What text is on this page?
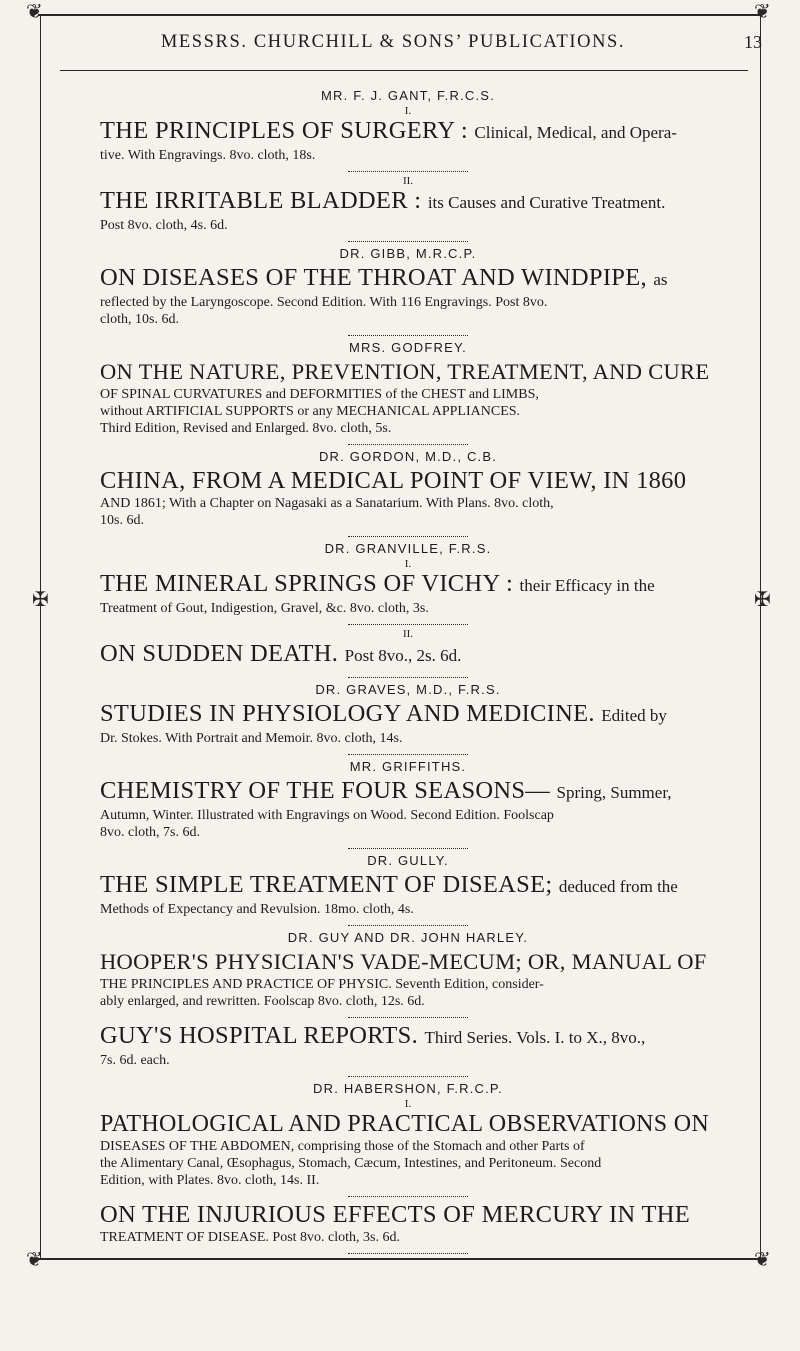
❦	❦
❦	❦
✠	✠
MESSRS. CHURCHILL & SONS’ PUBLICATIONS.	13
MR. F. J. GANT, F.R.C.S.
I.
THE PRINCIPLES OF SURGERY : Clinical, Medical, and Opera-
tive. With Engravings. 8vo. cloth, 18s.
II.
THE IRRITABLE BLADDER : its Causes and Curative Treatment.
Post 8vo. cloth, 4s. 6d.
DR. GIBB, M.R.C.P.
ON DISEASES OF THE THROAT AND WINDPIPE, as
reflected by the Laryngoscope. Second Edition. With 116 Engravings. Post 8vo.
cloth, 10s. 6d.
MRS. GODFREY.
ON THE NATURE, PREVENTION, TREATMENT, AND CURE
OF SPINAL CURVATURES and DEFORMITIES of the CHEST and LIMBS,
without ARTIFICIAL SUPPORTS or any MECHANICAL APPLIANCES.
Third Edition, Revised and Enlarged. 8vo. cloth, 5s.
DR. GORDON, M.D., C.B.
CHINA, FROM A MEDICAL POINT OF VIEW, IN 1860
AND 1861; With a Chapter on Nagasaki as a Sanatarium. With Plans. 8vo. cloth,
10s. 6d.
DR. GRANVILLE, F.R.S.
I.
THE MINERAL SPRINGS OF VICHY : their Efficacy in the
Treatment of Gout, Indigestion, Gravel, &c. 8vo. cloth, 3s.
II.
ON SUDDEN DEATH. Post 8vo., 2s. 6d.
DR. GRAVES, M.D., F.R.S.
STUDIES IN PHYSIOLOGY AND MEDICINE. Edited by
Dr. Stokes. With Portrait and Memoir. 8vo. cloth, 14s.
MR. GRIFFITHS.
CHEMISTRY OF THE FOUR SEASONS— Spring, Summer,
Autumn, Winter. Illustrated with Engravings on Wood. Second Edition. Foolscap
8vo. cloth, 7s. 6d.
DR. GULLY.
THE SIMPLE TREATMENT OF DISEASE; deduced from the
Methods of Expectancy and Revulsion. 18mo. cloth, 4s.
DR. GUY AND DR. JOHN HARLEY.
HOOPER'S PHYSICIAN'S VADE-MECUM; OR, MANUAL OF
THE PRINCIPLES AND PRACTICE OF PHYSIC. Seventh Edition, consider-
ably enlarged, and rewritten. Foolscap 8vo. cloth, 12s. 6d.
GUY'S HOSPITAL REPORTS. Third Series. Vols. I. to X., 8vo.,
7s. 6d. each.
DR. HABERSHON, F.R.C.P.
I.
PATHOLOGICAL AND PRACTICAL OBSERVATIONS ON
DISEASES OF THE ABDOMEN, comprising those of the Stomach and other Parts of
the Alimentary Canal, Œsophagus, Stomach, Cæcum, Intestines, and Peritoneum. Second
Edition, with Plates. 8vo. cloth, 14s. II.
ON THE INJURIOUS EFFECTS OF MERCURY IN THE
TREATMENT OF DISEASE. Post 8vo. cloth, 3s. 6d.
